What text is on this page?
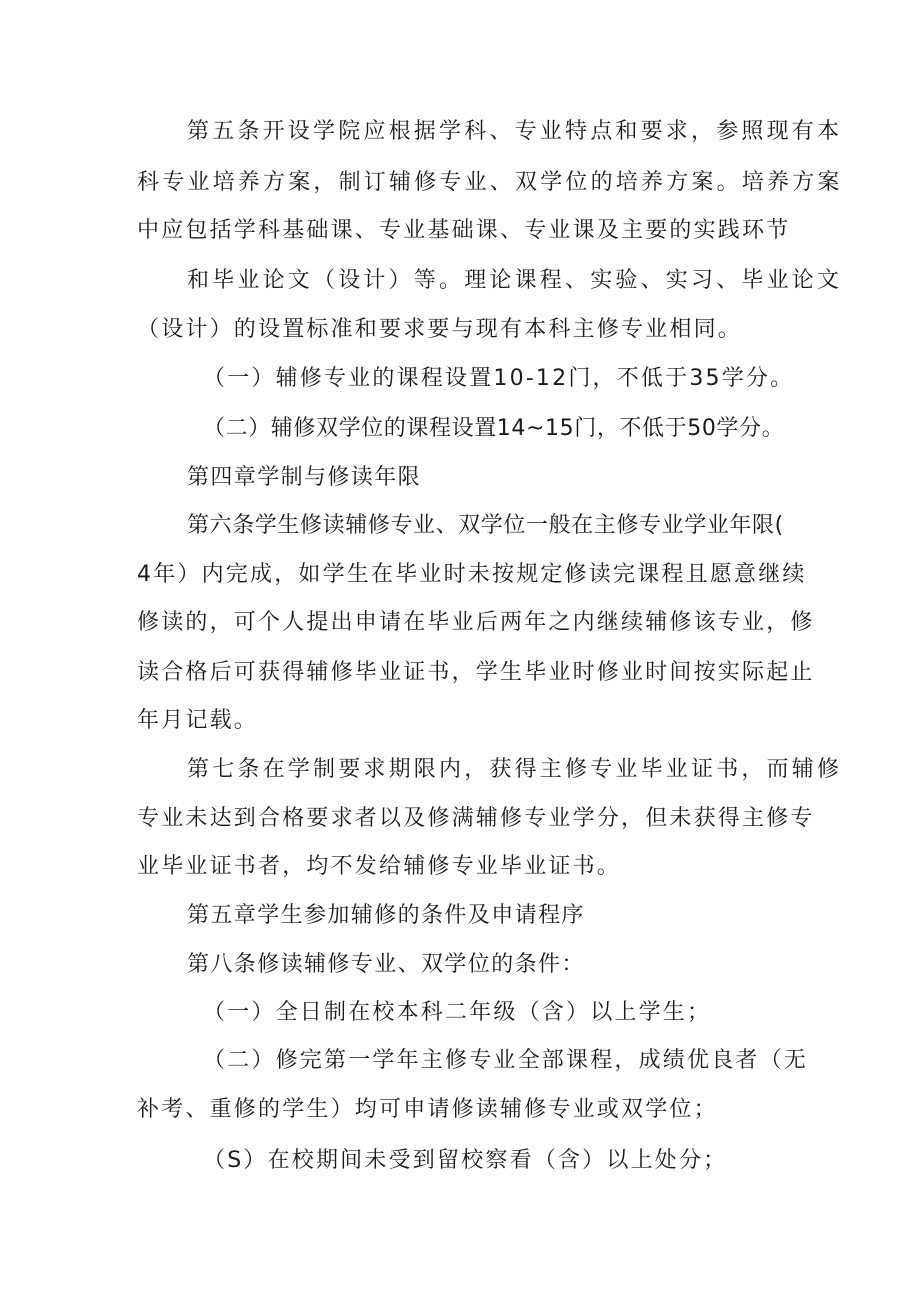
第五条开设学院应根据学科、专业特点和要求，参照现有本
科专业培养方案，制订辅修专业、双学位的培养方案。培养方案
中应包括学科基础课、专业基础课、专业课及主要的实践环节
和毕业论文（设计）等。理论课程、实验、实习、毕业论文
（设计）的设置标准和要求要与现有本科主修专业相同。
（一）辅修专业的课程设置10-12门，不低于35学分。
（二）辅修双学位的课程设置14~15门，不低于50学分。
第四章学制与修读年限
第六条学生修读辅修专业、双学位一般在主修专业学业年限(
4年）内完成，如学生在毕业时未按规定修读完课程且愿意继续
修读的，可个人提出申请在毕业后两年之内继续辅修该专业，修
读合格后可获得辅修毕业证书，学生毕业时修业时间按实际起止
年月记载。
第七条在学制要求期限内，获得主修专业毕业证书，而辅修
专业未达到合格要求者以及修满辅修专业学分，但未获得主修专
业毕业证书者，均不发给辅修专业毕业证书。
第五章学生参加辅修的条件及申请程序
第八条修读辅修专业、双学位的条件：
（一）全日制在校本科二年级（含）以上学生；
（二）修完第一学年主修专业全部课程，成绩优良者（无
补考、重修的学生）均可申请修读辅修专业或双学位；
（S）在校期间未受到留校察看（含）以上处分；
